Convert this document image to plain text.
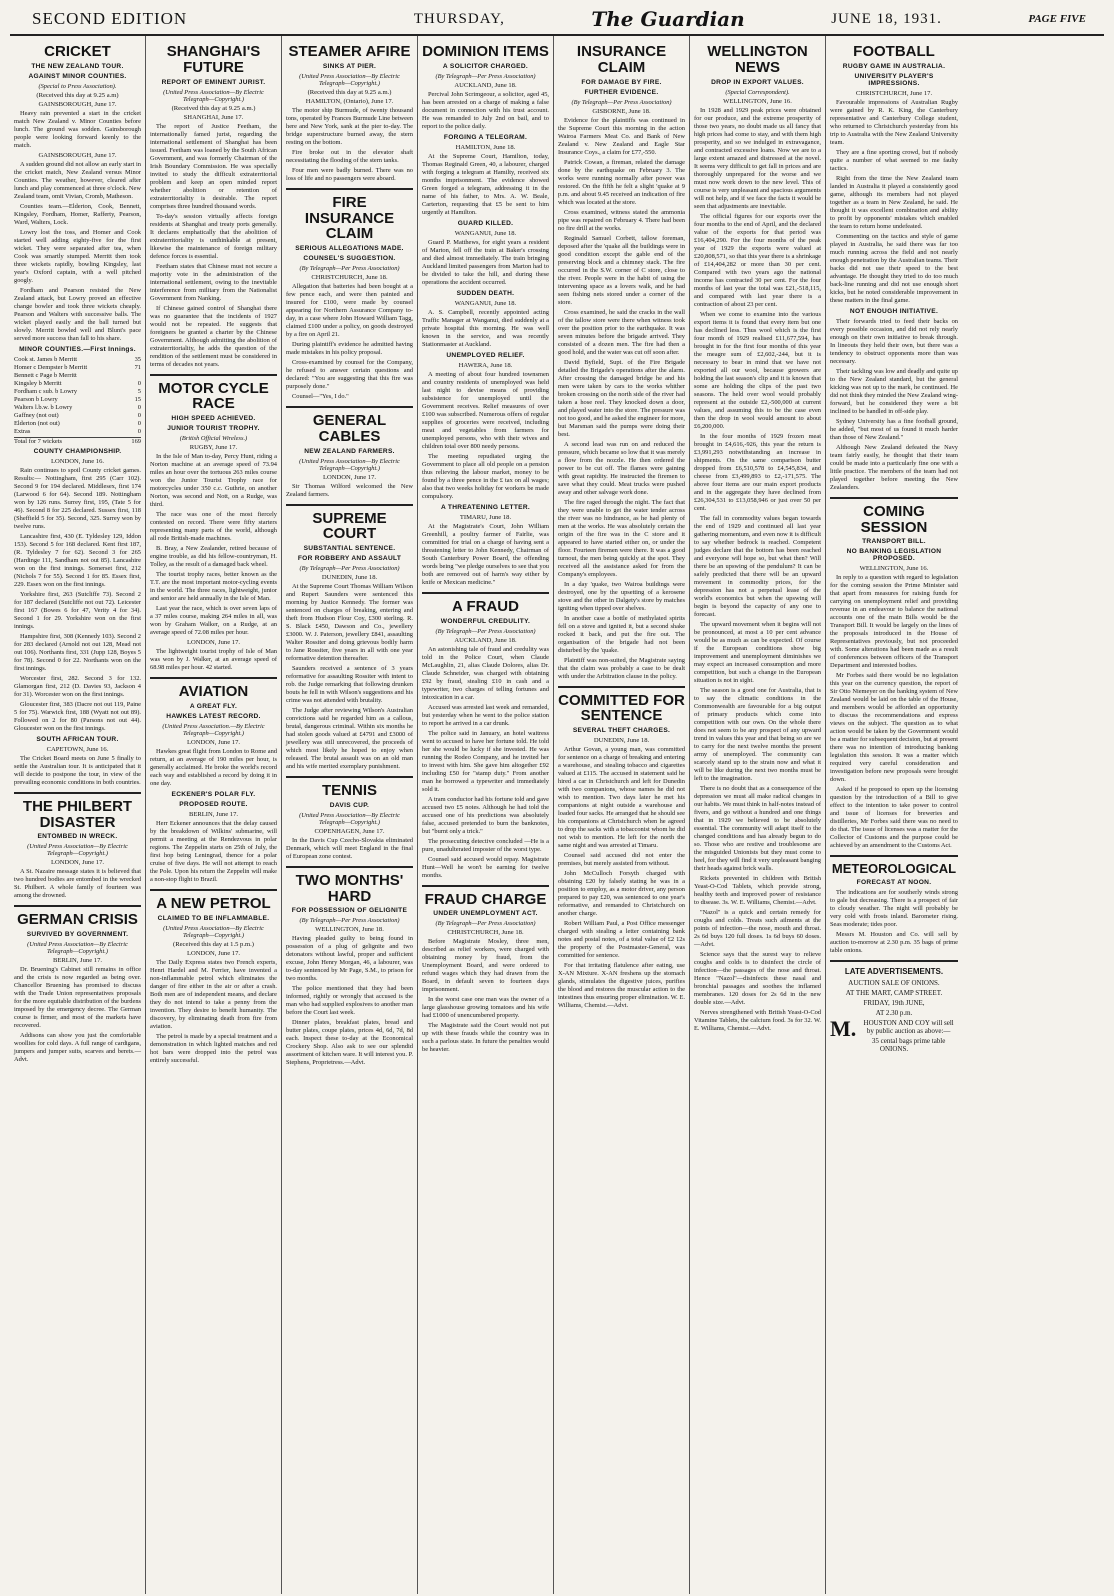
SECOND EDITION	THURSDAY,	The Guardian	JUNE 18, 1931.	PAGE FIVE
CRICKET
THE NEW ZEALAND TOUR.
AGAINST MINOR COUNTIES.
(Special to Press Association).
(Received this day at 9.25 a.m)
GAINSBOROUGH, June 17.

Heavy rain prevented a start in the cricket match New Zealand v. Minor Counties before lunch. The ground was sodden. Gainsborough people were looking forward keenly to the match.

GAINSBOROUGH, June 17.

A sudden ground did not allow an early start in the cricket match, New Zealand versus Minor Counties. The weather, however, cleared after lunch and play commenced at three o'clock. New Zealand team, omit Vivian, Cromb, Matheson.

Counties team.—Elderton, Cook, Bennett, Kingsley, Fordham, Homer, Rafferty, Pearson, Ward, Walters, Lock.

Lowry lost the toss, and Homer and Cook started well adding eighty-five for the first wicket. They were separated after tea, when Cook was smartly stumped. Merritt then took three wickets rapidly, bowling Kingsley, last year's Oxford captain, with a well pitched googly.

Fordham and Pearson resisted the New Zealand attack, but Lowry proved an effective change bowler and took three wickets cheaply. Pearson and Walters with successive balls. The wicket played easily and the ball turned but slowly. Merritt bowled well and Blunt's pace served more success than fall to his share.

MINOR COUNTIES.—First Innings.
Cook st. James b Merritt	35
Homer c Dempster b Merritt	71
Bennett c Page b Merritt	
Kingsley b Merritt	0
Fordham c sub. b Lowry	5
Pearson b Lowry	15
Walters l.b.w. b Lowry	0
Gaffney (not out)	0
Elderton (not out)	0
Extras	0
Total for 7 wickets	169
COUNTY CHAMPIONSHIP.
LONDON, June 16.

Rain continues to spoil County cricket games. Results:— Nottingham, first 295 (Carr 102). Second 9 for 194 declared. Middlesex, first 174 (Larwood 6 for 64). Second 189. Nottingham won by 126 runs. Surrey first, 195, (Tate 5 for 46). Second 8 for 225 declared. Sussex first, 118 (Sheffield 5 for 35). Second, 325. Surrey won by twelve runs.

Lancashire first, 430 (E. Tyldesley 129, Iddon 153). Second 5 for 168 declared. Kent first 187, (R. Tyldesley 7 for 62). Second 3 for 265 (Hardinge 111, Sandham not out 85). Lancashire won on the first innings. Somerset first, 212 (Nichols 7 for 55). Second 1 for 85. Essex first, 229. Essex won on the first innings.

Yorkshire first, 263 (Sutcliffe 73). Second 2 for 187 declared (Sutcliffe not out 72). Leicester first 167 (Bowes 6 for 47, Verity 4 for 34). Second 1 for 29. Yorkshire won on the first innings.

Hampshire first, 308 (Kennedy 103). Second 2 for 283 declared (Arnold not out 128, Mead not out 106). Northants first, 331 (Jupp 128, Boyes 5 for 78). Second 0 for 22. Northants won on the first innings.

Worcester first, 282. Second 3 for 132. Glamorgan first, 212 (D. Davies 93, Jackson 4 for 31). Worcester won on the first innings.

Gloucester first, 383 (Dacre not out 119, Paine 5 for 75). Warwick first, 188 (Wyatt not out 89). Followed on 2 for 80 (Parsons not out 44). Gloucester won on the first innings.

SOUTH AFRICAN TOUR.
CAPETOWN, June 16.

The Cricket Board meets on June 5 finally to settle the Australian tour. It is anticipated that it will decide to postpone the tour, in view of the prevailing economic conditions in both countries.

THE PHILBERT DISASTER
ENTOMBED IN WRECK.
(United Press Association—By Electric Telegraph—Copyright.)
LONDON, June 17.

A St. Nazaire message states it is believed that two hundred bodies are entombed in the wrecked St. Philbert. A whole family of fourteen was among the drowned.

GERMAN CRISIS
SURVIVED BY GOVERNMENT.
(United Press Association—By Electric Telegraph—Copyright.)
BERLIN, June 17.

Dr. Bruening's Cabinet still remains in office and the crisis is now regarded as being over. Chancellor Bruening has promised to discuss with the Trade Union representatives proposals for the more equitable distribution of the burdens imposed by the emergency decree. The German course is firmer, and most of the markets have recovered.

Addisons can show you just the comfortable woollies for cold days. A full range of cardigans, jumpers and jumper suits, scarves and berets.—Advt.

SHANGHAI'S FUTURE
REPORT OF EMINENT JURIST.
(United Press Association—By Electric Telegraph—Copyright.)
(Received this day at 9.25 a.m.)
SHANGHAI, June 17.

The report of Justice Feetham, the internationally famed jurist, regarding the international settlement of Shanghai has been issued. Feetham was loaned by the South African Government, and was formerly Chairman of the Irish Boundary Commission. He was specially invited to study the difficult extraterritorial problem and keep an open minded report whether abolition or retention of extraterritoriality is desirable. The report comprises three hundred thousand words.

To-day's session virtually affects foreign residents at Shanghai and treaty ports generally. It declares emphatically that the abolition of extraterritoriality is unthinkable at present, likewise the maintenance of foreign military defence forces is essential.

Feetham states that Chinese must not secure a majority vote in the administration of the international settlement, owing to the inevitable interference from military from the Nationalist Government from Nanking.

If Chinese gained control of Shanghai there was no guarantee that the incidents of 1927 would not be repeated. He suggests that foreigners be granted a charter by the Chinese Government. Although admitting the abolition of extraterritoriality, he adds the question of the rendition of the settlement must be considered in terms of decades not years.

MOTOR CYCLE RACE
HIGH SPEED ACHIEVED.
JUNIOR TOURIST TROPHY.
(British Official Wireless.)
RUGBY, June 17.

In the Isle of Man to-day, Percy Hunt, riding a Norton machine at an average speed of 73.94 miles an hour over the tortuous 263 miles course won the Junior Tourist Trophy race for motorcycles under 350 c.c. Guthrie, on another Norton, was second and Nott, on a Rudge, was third.

The race was one of the most fiercely contested on record. There were fifty starters representing many parts of the world, although all rode British-made machines.

B. Bray, a New Zealander, retired because of engine trouble, as did his fellow-countryman, H. Tolley, as the result of a damaged back wheel.

The tourist trophy races, better known as the T.T. are the most important motor-cycling events in the world. The three races, lightweight, junior and senior are held annually in the Isle of Man.

Last year the race, which is over seven laps of a 37 miles course, making 264 miles in all, was won by Graham Walker, on a Rudge, at an average speed of 72.08 miles per hour.

LONDON, June 17.

The lightweight tourist trophy of Isle of Man was won by J. Walker, at an average speed of 68.98 miles per hour. 42 started.

AVIATION
A GREAT FLY.
HAWKES LATEST RECORD.
(United Press Association.—By Electric Telegraph—Copyright.)
LONDON, June 17.

Hawkes great flight from London to Rome and return, at an average of 190 miles per hour, is generally acclaimed. He broke the world's record each way and established a record by doing it in one day.

ECKENER'S POLAR FLY.
PROPOSED ROUTE.
BERLIN, June 17.

Herr Eckener announces that the delay caused by the breakdown of Wilkins' submarine, will permit a meeting at the Rendezvous in polar regions. The Zeppelin starts on 25th of July, the first hop being Leningrad, thence for a polar cruise of five days. He will not attempt to reach the Pole. Upon his return the Zeppelin will make a non-stop flight to Brazil.

A NEW PETROL
CLAIMED TO BE INFLAMMABLE.
(United Press Association—By Electric Telegraph—Copyright.)
(Received this day at 1.5 p.m.)
LONDON, June 17.

The Daily Express states two French experts, Henri Hardel and M. Ferrier, have invented a non-inflammable petrol which eliminates the danger of fire either in the air or after a crash. Both men are of independent means, and declare they do not intend to take a penny from the invention. They desire to benefit humanity. The discovery, by eliminating death from fire from aviation.

The petrol is made by a special treatment and a demonstration in which lighted matches and red hot bars were dropped into the petrol was entirely successful.

STEAMER AFIRE
SINKS AT PIER.
(United Press Association—By Electric Telegraph—Copyright.)
(Received this day at 9.25 a.m.)
HAMILTON, (Ontario), June 17.

The motor ship Burmude, of twenty thousand tons, operated by Frances Burmude Line between here and New York, sank at the pier to-day. The bridge superstructure burned away, the stern resting on the bottom.

Fire broke out in the elevator shaft necessitating the flooding of the stern tanks.

Four men were badly burned. There was no loss of life and no passengers were aboard.

FIRE INSURANCE CLAIM
SERIOUS ALLEGATIONS MADE.
COUNSEL'S SUGGESTION.
(By Telegraph—Per Press Association)
CHRISTCHURCH, June 18.

Allegation that batteries had been bought at a few pence each, and were then painted and insured for £100, were made by counsel appearing for Northern Assurance Company to-day, in a case where John Howard William Tagg, claimed £100 under a policy, on goods destroyed by a fire on April 21.

During plaintiff's evidence he admitted having made mistakes in his policy proposal.

Cross-examined by counsel for the Company, he refused to answer certain questions and declared: "You are suggesting that this fire was purposely done."

Counsel—"Yes, I do."

GENERAL CABLES
NEW ZEALAND FARMERS.
(United Press Association—By Electric Telegraph—Copyright.)
LONDON, June 17.

Sir Thomas Wilford welcomed the New Zealand farmers.

SUPREME COURT
SUBSTANTIAL SENTENCE.
FOR ROBBERY AND ASSAULT
(By Telegraph—Per Press Association)
DUNEDIN, June 18.

At the Supreme Court Thomas William Wilson and Rupert Saunders were sentenced this morning by Justice Kennedy. The former was sentenced on charges of breaking, entering and theft from Hudson Flour Coy, £300 sterling. R. S. Black £450, Dawson and Co., jewellery £3000. W. J. Paterson, jewellery £841, assaulting Walter Rossiter and doing grievous bodily harm to Jane Rossiter, five years in all with one year reformative detention thereafter.

Saunders received a sentence of 3 years reformative for assaulting Rossiter with intent to rob. the Judge remarking that following drunken bouts he fell in with Wilson's suggestions and his crime was not attended with brutality.

The Judge after reviewing Wilson's Australian convictions said he regarded him as a callous, brutal, dangerous criminal. Within six months he had stolen goods valued at £4791 and £3000 of jewellery was still unrecovered, the proceeds of which most likely he hoped to enjoy when released. The brutal assault was on an old man and his wife merited exemplary punishment.

TENNIS
DAVIS CUP.
(United Press Association—By Electric Telegraph—Copyright.)
COPENHAGEN, June 17.

In the Davis Cup Czecho-Slovakia eliminated Denmark, which will meet England in the final of European zone contest.

TWO MONTHS' HARD
FOR POSSESSION OF GELIGNITE
(By Telegraph—Per Press Association)
WELLINGTON, June 18.

Having pleaded guilty to being found in possession of a plug of gelignite and two detonators without lawful, proper and sufficient excuse, John Henry Morgan, 46, a labourer, was to-day sentenced by Mr Page, S.M., to prison for two months.

The police mentioned that they had been informed, rightly or wrongly that accused is the man who had supplied explosives to another man before the Court last week.

Dinner plates, breakfast plates, bread and butter plates, coupe plates, prices 4d, 6d, 7d, 8d each. Inspect these to-day at the Economical Crockery Shop. Also ask to see our splendid assortment of kitchen ware. It will interest you. P. Stephens, Proprietress.—Advt.

DOMINION ITEMS
A SOLICITOR CHARGED.
(By Telegraph—Per Press Association)
AUCKLAND, June 18.

Percival John Scrimgeour, a solicitor, aged 45, has been arrested on a charge of making a false document in connection with his trust account. He was remanded to July 2nd on bail, and to report to the police daily.

FORGING A TELEGRAM.
HAMILTON, June 18.

At the Supreme Court, Hamilton, today, Thomas Reginald Green, 40, a labourer, charged with forging a telegram at Hamilty, received six months imprisonment. The evidence showed Green forged a telegram, addressing it in the name of his father, to Mrs. A. W. Beale, Carterton, requesting that £5 be sent to him urgently at Hamilton.

GUARD KILLED.
WANGANUI, June 18.

Guard P. Matthews, for eight years a resident of Marton, fell off the train at Baker's crossing and died almost immediately. The train bringing Auckland limited passengers from Marton had to be divided to take the hill, and during these operations the accident occurred.

SUDDEN DEATH.
WANGANUI, June 18.

A. S. Campbell, recently appointed acting Traffic Manager at Wanganui, died suddenly at a private hospital this morning. He was well known in the service, and was recently Stationmaster at Auckland.

UNEMPLOYED RELIEF.
HAWERA, June 18.

A meeting of about four hundred townsmen and country residents of unemployed was held last night to devise means of providing subsistence for unemployed until the Government receives. Relief measures of over £100 was subscribed. Numerous offers of regular supplies of groceries were received, including meat and vegetables from farmers for unemployed persons, who with their wives and children total over 800 needy persons.

The meeting repudiated urging the Government to place all old people on a pension thus relieving the labour market, money to be found by a three pence in the £ tax on all wages; also that two weeks holiday for workers be made compulsory.

A THREATENING LETTER.
TIMARU, June 18.

At the Magistrate's Court, John William Greenhill, a poultry farmer of Fairlie, was committed for trial on a charge of having sent a threatening letter to John Kennedy, Chairman of South Canterbury Power Board, the offending words being "we pledge ourselves to see that you both are removed out of harm's way either by knife or Mexican medicine."

A FRAUD
WONDERFUL CREDULITY.
(By Telegraph—Per Press Association)
AUCKLAND, June 18.

An astonishing tale of fraud and credulity was told in the Police Court, when Claude McLaughlin, 21, alias Claude Dolores, alias Dr. Claude Schneider, was charged with obtaining £92 by fraud, stealing £10 in cash and a typewriter, two charges of telling fortunes and intoxication in a car.

Accused was arrested last week and remanded, but yesterday when he went to the police station to report he arrived in a car drunk.

The police said in January, an hotel waitress went to accused to have her fortune told. He told her she would be lucky if she invested. He was running the Rodeo Company, and he invited her to invest with him. She gave him altogether £92 including £50 for "stamp duty." From another man he borrowed a typewriter and immediately sold it.

A tram conductor had his fortune told and gave accused two £5 notes. Although he had told the accused one of his predictions was absolutely false, accused pretended to burn the banknotes, but "burnt only a trick."

The prosecuting detective concluded —He is a pure, unadulterated imposter of the worst type.

Counsel said accused would repay. Magistrate Hunt—Well he won't be earning for twelve months.

FRAUD CHARGE
UNDER UNEMPLOYMENT ACT.
(By Telegraph—Per Press Association)
CHRISTCHURCH, June 18.

Before Magistrate Mosley, three men, described as relief workers, were charged with obtaining money by fraud, from the Unemployment Board, and were ordered to refund wages which they had drawn from the Board, in default seven to fourteen days imprisonment.

In the worst case one man was the owner of a large glasshouse growing tomatoes and his wife had £1000 of unencumbered property.

The Magistrate said the Court would not put up with these frauds while the country was in such a parlous state. In future the penalties would be heavier.

INSURANCE CLAIM
FOR DAMAGE BY FIRE.
FURTHER EVIDENCE.
(By Telegraph—Per Press Association)
GISBORNE, June 18.

Evidence for the plaintiffs was continued in the Supreme Court this morning in the action Wairoa Farmers Meat Co. and Bank of New Zealand v. New Zealand and Eagle Star Insurance Coys., a claim for £77,-550.

Patrick Cowan, a fireman, related the damage done by the earthquake on February 3. The works were running normally after power was restored. On the fifth he felt a slight 'quake at 9 p.m. and about 9.45 received an indication of fire which was located at the store.

Cross examined, witness stated the ammonia pipe was repaired on February 4. There had been no fire drill at the works.

Reginald Samuel Corbett, tallow foreman, deposed after the 'quake all the buildings were in good condition except the gable end of the preserving block and a chimney stack. The fire occurred in the S.W. corner of C store, close to the river. People were in the habit of using the intervening space as a lovers walk, and he had seen fishing nets stored under a corner of the store.

Cross examined, he said the cracks in the wall of the tallow store were there when witness took over the position prior to the earthquake. It was seven minutes before the brigade arrived. They consisted of a dozen men. The fire had then a good hold, and the water was cut off soon after.

David Byfield, Supt. of the Fire Brigade detailed the Brigade's operations after the alarm. After crossing the damaged bridge he and his men were taken by cars to the works whither broken crossing on the north side of the river had taken a hose reel. They knocked down a door, and played water into the store. The pressure was not too good, and he asked the engineer for more, but Marsman said the pumps were doing their best.

A second lead was run on and reduced the pressure, which became so low that it was merely a flow from the nozzle. He then ordered the power to be cut off. The flames were gaining with great rapidity. He instructed the firemen to save what they could. Meat trucks were pushed away and other salvage work done.

The fire raged through the night. The fact that they were unable to get the water tender across the river was no hindrance, as he had plenty of men at the works. He was absolutely certain the origin of the fire was in the C store and it appeared to have started either on, or under the floor. Fourteen firemen were there. It was a good turnout, the men being quickly at the spot. They received all the assistance asked for from the Company's employees.

In a day 'quake, two Wairoa buildings were destroyed, one by the upsetting of a kerosene stove and the other in Dalgety's store by matches igniting when tipped over shelves.

In another case a bottle of methylated spirits fell on a stove and ignited it, but a second shake rocked it back, and put the fire out. The organisation of the brigade had not been disturbed by the 'quake.

Plaintiff was non-suited, the Magistrate saying that the claim was probably a case to be dealt with under the Arbitration clause in the policy.

COMMITTED FOR SENTENCE
SEVERAL THEFT CHARGES.
DUNEDIN, June 18.

Arthur Govan, a young man, was committed for sentence on a charge of breaking and entering a warehouse, and stealing tobacco and cigarettes valued at £115. The accused in statement said he hired a car in Christchurch and left for Dunedin with two companions, whose names he did not wish to mention. Two days later he met his companions at night outside a warehouse and loaded four sacks. He arranged that he should see his companions at Christchurch when he agreed to drop the sacks with a tobacconist whom he did not wish to mention. He left for the north the same night and was arrested at Timaru.

Counsel said accused did not enter the premises, but merely assisted from without.

John McCulloch Forsyth charged with obtaining £20 by falsely stating he was in a position to employ, as a motor driver, any person prepared to pay £20, was sentenced to one year's reformative, and remanded to Christchurch on another charge.

Robert William Paul, a Post Office messenger charged with stealing a letter containing bank notes and postal notes, of a total value of £2 12s the property of the Postmaster-General, was committed for sentence.

For that irritating flatulence after eating, use X-AN Mixture. X-AN freshens up the stomach glands, stimulates the digestive juices, purifies the blood and restores the muscular action to the intestines thus ensuring proper elimination. W. E. Williams, Chemist.—Advt.

WELLINGTON NEWS
DROP IN EXPORT VALUES.
(Special Correspondent).
WELLINGTON, June 16.

In 1928 and 1929 peak prices were obtained for our produce, and the extreme prosperity of those two years, no doubt made us all fancy that high prices had come to stay, and with them high prosperity, and so we indulged in extravagance, and contracted excessive loans. Now we are to a large extent amazed and distressed at the novel. It seems very difficult to get fall in prices and are thoroughly unprepared for the worse and we must now work down to the new level. This of course is very unpleasant and spacious arguments will not help, and if we face the facts it would be seen that adjustments are inevitable.

The official figures for our exports over the four months to the end of April, and the declared value of the exports for that period was £16,404,290. For the four months of the peak year of 1929 the exports were valued at £20,808,571, so that this year there is a shrinkage of £14,404,282 or more than 30 per cent. Compared with two years ago the national income has contracted 30 per cent. For the four months of last year the total was £21,-518,115, and compared with last year there is a contraction of about 23 per cent.

When we come to examine into the various export items it is found that every item but one has declined less. Thus wool which is the first four month of 1929 realised £11,677,594, has brought in for the first four months of this year the meagre sum of £2,602,-244, but it is necessary to bear in mind that we have not exported all our wool, because growers are holding the last season's clip and it is known that some are holding the clips of the past two seasons. The held over wool would probably represent at the outside £2,-500,000 at current values, and assuming this to be the case even then the drop in wool would amount to about £6,200,000.

In the four months of 1929 frozen meat brought in £4,616,-926, this year the return is £3,991,293 notwithstanding an increase in shipments. On the same comparison butter dropped from £6,510,578 to £4,545,834, and cheese from £3,499,893 to £2,-171,575. The above four items are our main export products and in the aggregate they have declined from £26,304,531 to £13,058,946 or just over 50 per cent.

The fall in commodity values began towards the end of 1929 and continued all last year gathering momentum, and even now it is difficult to say whether bedrock is reached. Competent judges declare that the bottom has been reached and everyone will hope so, but what then? Will there be an upswing of the pendulum? It can be safely predicted that there will be an upward movement in commodity prices, for the depression has not a perpetual lease of the world's economics but when the upswing will begin is beyond the capacity of any one to forecast.

The upward movement when it begins will not be pronounced, at most a 10 per cent advance would be as much as can be expected. Of course if the European conditions show big improvement and unemployment diminishes we may expect an increased consumption and more competition, but such a change in the European situation is not in sight.

The season is a good one for Australia, that is to say the climatic conditions in the Commonwealth are favourable for a big output of primary products which come into competition with our own. On the whole there does not seem to be any prospect of any upward trend in values this year and that being so are we to carry for the next twelve months the present army of unemployed. The community can scarcely stand up to the strain now and what it will be like during the next two months must be left to the imagination.

There is no doubt that as a consequence of the depression we must all make radical changes in our habits. We must think in half-notes instead of fivers, and go without a hundred and one things that in 1929 we believed to be absolutely essential. The community will adapt itself to the changed conditions and has already begun to do so. Those who are restive and troublesome are the misguided Unionists but they must come to heel, for they will find it very unpleasant banging their heads against brick walls.

Rickets prevented in children with British Yeast-O-Cod Tablets, which provide strong, healthy teeth and improved power of resistance to disease. 3s. W. E. Williams, Chemist.—Advt.

"Nazol" is a quick and certain remedy for coughs and colds. Treats such ailments at the points of infection—the nose, mouth and throat. 2s 6d buys 120 full doses. 1s 6d buys 60 doses.—Advt.

Science says that the surest way to relieve coughs and colds is to disinfect the circle of infection—the passages of the nose and throat. Hence "Nazol"—disinfects these nasal and bronchial passages and soothes the inflamed membranes. 120 doses for 2s 6d in the new double size.—Advt.

Nerves strengthened with British Yeast-O-Cod Vitamine Tablets, the calcium food. 3s for 32. W. E. Williams, Chemist.—Advt.

FOOTBALL
RUGBY GAME IN AUSTRALIA.
UNIVERSITY PLAYER'S IMPRESSIONS.
CHRISTCHURCH, June 17.

Favourable impressions of Australian Rugby were gained by R. K. King, the Canterbury representative and Canterbury College student, who returned to Christchurch yesterday from his trip to Australia with the New Zealand University team.

They are a fine sporting crowd, but if nobody quite a number of what seemed to me faulty tactics.

Right from the time the New Zealand team landed in Australia it played a consistently good game, although its members had not played together as a team in New Zealand, he said. He thought it was excellent combination and ability to profit by opponents' mistakes which enabled the team to return home undefeated.

Commenting on the tactics and style of game played in Australia, he said there was far too much running across the field and not nearly enough penetration by the Australian teams. Their backs did not use their speed to the best advantage. He thought they tried to do too much back-line running and did not use enough short kicks, but he noted considerable improvement in these matters in the final game.

NOT ENOUGH INITIATIVE.

Their forwards tried to feed their backs on every possible occasion, and did not rely nearly enough on their own initiative to break through. In lineouts they held their own, but there was a tendency to obstruct opponents more than was necessary.

Their tackling was low and deadly and quite up to the New Zealand standard, but the general kicking was not up to the mark, he continued. He did not think they minded the New Zealand wing-forward, but he considered they were a bit inclined to be handled in off-side play.

Sydney University has a fine football ground, he added, "but most of us found it much harder than those of New Zealand."

Although New Zealand defeated the Navy team fairly easily, he thought that their team could be made into a particularly fine one with a little practice. The members of the team had not played together before meeting the New Zealanders.

COMING SESSION
TRANSPORT BILL.
NO BANKING LEGISLATION PROPOSED.
WELLINGTON, June 16.

In reply to a question with regard to legislation for the coming session the Prime Minister said that apart from measures for raising funds for carrying on unemployment relief and providing revenue in an endeavour to balance the national accounts one of the main Bills would be the Transport Bill. It would be largely on the lines of the proposals introduced in the House of Representatives previously, but not proceeded with. Some alterations had been made as a result of conferences between officers of the Transport Department and interested bodies.

Mr Forbes said there would be no legislation this year on the currency question, the report of Sir Otto Niemeyer on the banking system of New Zealand would be laid on the table of the House, and members would be afforded an opportunity to discuss the recommendations and express views on the subject. The question as to what action would be taken by the Government would be a matter for subsequent decision, but at present there was no intention of introducing banking legislation this session. It was a matter which required very careful consideration and investigation before new proposals were brought down.

Asked if he proposed to open up the licensing question by the introduction of a Bill to give effect to the intention to take power to control and issue of licenses for breweries and distilleries, Mr Forbes said there was no need to do that. The issue of licenses was a matter for the Collector of Customs and the purpose could be achieved by an amendment to the Customs Act.

METEOROLOGICAL
FORECAST AT NOON.

The indications are for southerly winds strong to gale but decreasing. There is a prospect of fair to cloudy weather. The night will probably be very cold with frosts inland. Barometer rising. Seas moderate; tides poor.

Messrs M. Houston and Co. will sell by auction to-morrow at 2.30 p.m. 35 bags of prime table onions.

LATE ADVERTISEMENTS.
AUCTION SALE OF ONIONS.
AT THE MART, CAMP STREET.
FRIDAY, 19th JUNE,
AT 2.30 p.m.
M. HOUSTON AND COY will sell by public auction as above:—
35 cental bags prime table ONIONS.
